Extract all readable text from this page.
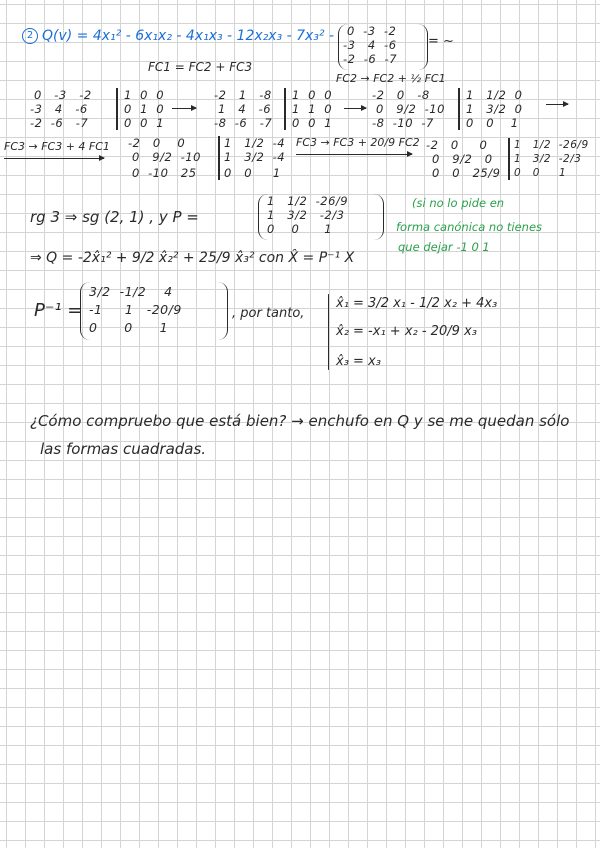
2 Q(v) = 4x₁² - 6x₁x₂ - 4x₁x₃ - 12x₂x₃ - 7x₃² - 0  -3  -2
-3   4  -6
-2  -6  -7
= ~
FC1 = FC2 + FC3
FC2 → FC2 + ½ FC1
0   -3   -2
-3   4   -6
-2  -6   -7
1  0  0
0  1  0
0  0  1
-2   1   -8
1   4   -6
-8  -6   -7
1  0  0
1  1  0
0  0  1
-2   0   -8
0   9/2  -10
-8  -10  -7
1   1/2  0
1   3/2  0
0   0    1
FC3 → FC3 + 4 FC1 -2   0    0
0   9/2  -10
0  -10   25
1   1/2  -4
1   3/2  -4
0   0     1
FC3 → FC3 + 20/9 FC2 -2   0     0
0   9/2   0
0   0   25/9
1   1/2  -26/9
1   3/2  -2/3
0   0     1
rg 3 ⇒ sg (2, 1) , y P =
1   1/2  -26/9
1   3/2   -2/3
0    0      1
(si no lo pide en
forma canónica no tienes
que dejar -1 0 1
⇒ Q = -2x̂₁² + 9/2 x̂₂² + 25/9 x̂₃² con X̂ = P⁻¹ X
P⁻¹ =
3/2  -1/2    4
-1     1   -20/9
0      0      1
, por tanto,
x̂₁ = 3/2 x₁ - 1/2 x₂ + 4x₃
x̂₂ = -x₁ + x₂ - 20/9 x₃
x̂₃ = x₃
¿Cómo compruebo que está bien? → enchufo en Q y se me quedan sólo
las formas cuadradas.
